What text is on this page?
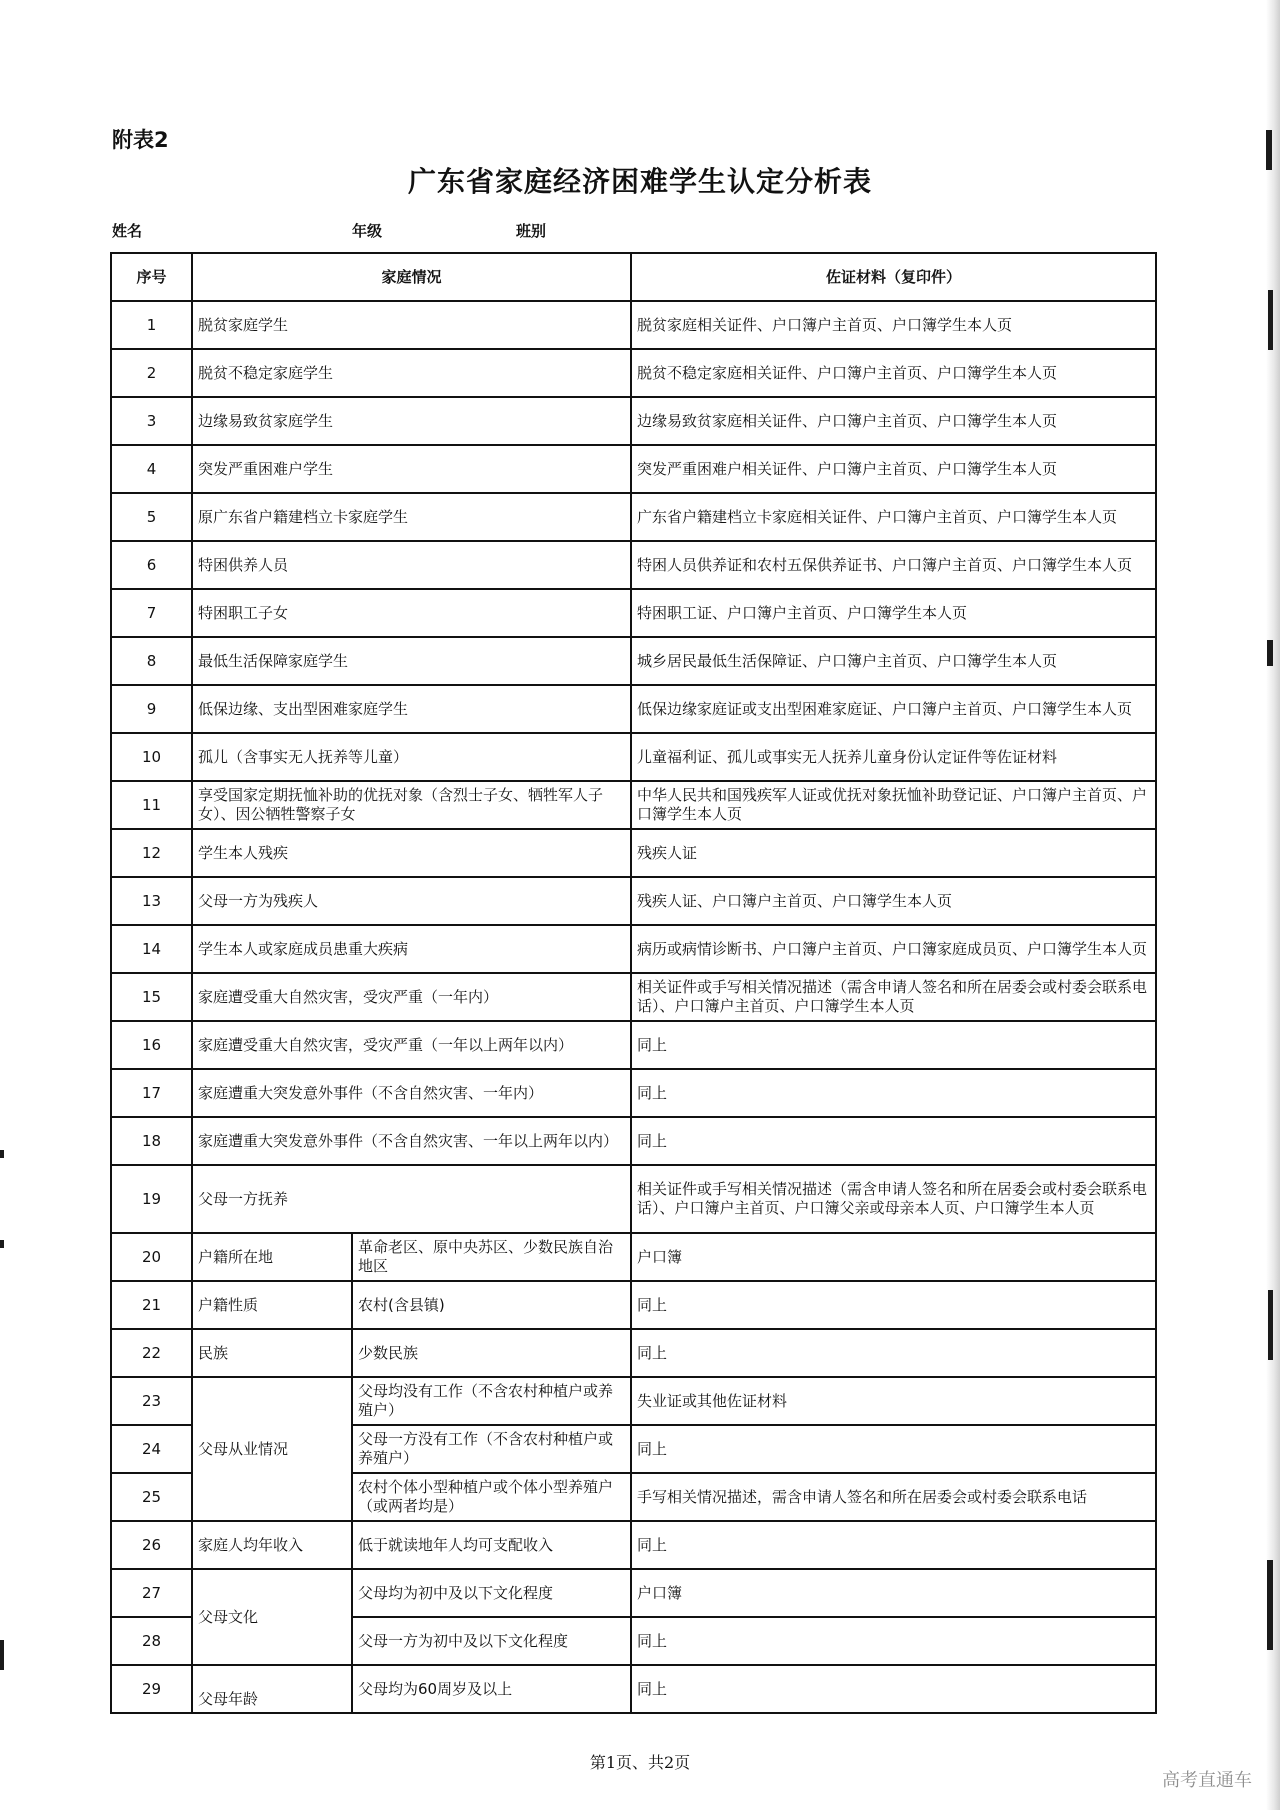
附表2
广东省家庭经济困难学生认定分析表
姓名	年级	班别
序号	家庭情况		佐证材料（复印件）
1	脱贫家庭学生		脱贫家庭相关证件、户口簿户主首页、户口簿学生本人页
2	脱贫不稳定家庭学生		脱贫不稳定家庭相关证件、户口簿户主首页、户口簿学生本人页
3	边缘易致贫家庭学生		边缘易致贫家庭相关证件、户口簿户主首页、户口簿学生本人页
4	突发严重困难户学生		突发严重困难户相关证件、户口簿户主首页、户口簿学生本人页
5	原广东省户籍建档立卡家庭学生		广东省户籍建档立卡家庭相关证件、户口簿户主首页、户口簿学生本人页
6	特困供养人员		特困人员供养证和农村五保供养证书、户口簿户主首页、户口簿学生本人页
7	特困职工子女		特困职工证、户口簿户主首页、户口簿学生本人页
8	最低生活保障家庭学生		城乡居民最低生活保障证、户口簿户主首页、户口簿学生本人页
9	低保边缘、支出型困难家庭学生		低保边缘家庭证或支出型困难家庭证、户口簿户主首页、户口簿学生本人页
10	孤儿（含事实无人抚养等儿童）		儿童福利证、孤儿或事实无人抚养儿童身份认定证件等佐证材料
11	享受国家定期抚恤补助的优抚对象（含烈士子女、牺牲军人子女）、因公牺牲警察子女		中华人民共和国残疾军人证或优抚对象抚恤补助登记证、户口簿户主首页、户口簿学生本人页
12	学生本人残疾		残疾人证
13	父母一方为残疾人		残疾人证、户口簿户主首页、户口簿学生本人页
14	学生本人或家庭成员患重大疾病		病历或病情诊断书、户口簿户主首页、户口簿家庭成员页、户口簿学生本人页
15	家庭遭受重大自然灾害，受灾严重（一年内）		相关证件或手写相关情况描述（需含申请人签名和所在居委会或村委会联系电话）、户口簿户主首页、户口簿学生本人页
16	家庭遭受重大自然灾害，受灾严重（一年以上两年以内）		同上
17	家庭遭重大突发意外事件（不含自然灾害、一年内）		同上
18	家庭遭重大突发意外事件（不含自然灾害、一年以上两年以内）		同上
19	父母一方抚养		相关证件或手写相关情况描述（需含申请人签名和所在居委会或村委会联系电话）、户口簿户主首页、户口簿父亲或母亲本人页、户口簿学生本人页
20	户籍所在地	革命老区、原中央苏区、少数民族自治地区	户口簿
21	户籍性质	农村(含县镇)	同上
22	民族	少数民族	同上
23	父母从业情况	父母均没有工作（不含农村种植户或养殖户）	失业证或其他佐证材料
24		父母一方没有工作（不含农村种植户或养殖户）	同上
25		农村个体小型种植户或个体小型养殖户（或两者均是）	手写相关情况描述，需含申请人签名和所在居委会或村委会联系电话
26	家庭人均年收入	低于就读地年人均可支配收入	同上
27	父母文化	父母均为初中及以下文化程度	户口簿
28		父母一方为初中及以下文化程度	同上
29	父母年龄	父母均为60周岁及以上	同上
第1页、共2页
高考直通车
